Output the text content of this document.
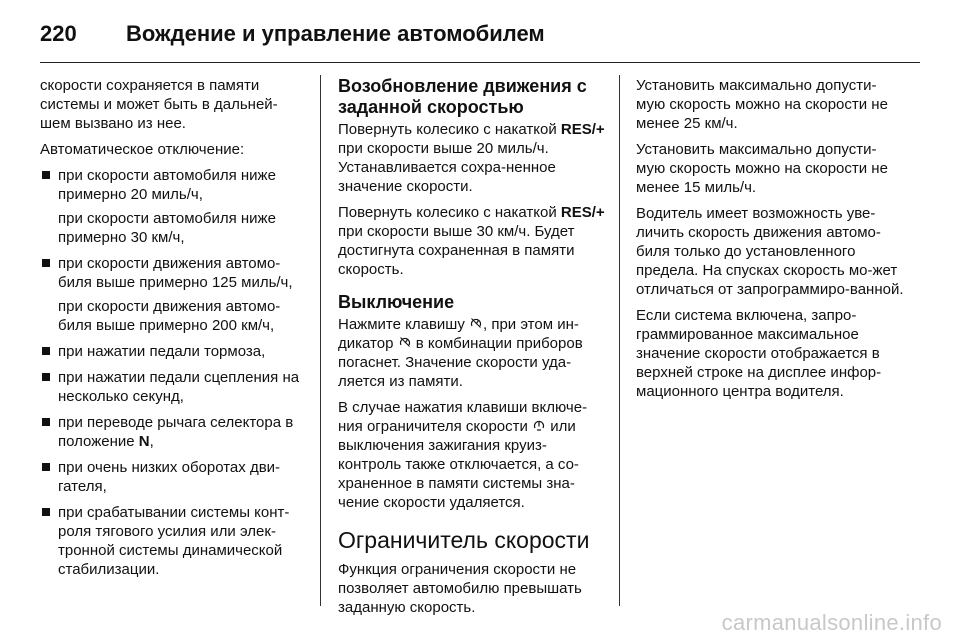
220	Вождение и управление автомобилем

скорости сохраняется в памяти системы и может быть в дальней-шем вызвано из нее.

Автоматическое отключение:

при скорости автомобиля ниже примерно 20 миль/ч,
при скорости автомобиля ниже примерно 30 км/ч,
при скорости движения автомо-биля выше примерно 125 миль/ч,
при скорости движения автомо-биля выше примерно 200 км/ч,
при нажатии педали тормоза,
при нажатии педали сцепления на несколько секунд,
при переводе рычага селектора в положение N,
при очень низких оборотах дви-гателя,
при срабатывании системы конт-роля тягового усилия или элек-тронной системы динамической стабилизации.
Возобновление движения с заданной скоростью

Повернуть колесико с накаткой RES/+ при скорости выше 20 миль/ч. Устанавливается сохра-ненное значение скорости.

Повернуть колесико с накаткой RES/+ при скорости выше 30 км/ч. Будет достигнута сохраненная в памяти скорость.

Выключение

Нажмите клавишу , при этом ин-дикатор  в комбинации приборов погаснет. Значение скорости уда-ляется из памяти.

В случае нажатия клавиши включе-ния ограничителя скорости  или выключения зажигания круиз-контроль также отключается, а со-храненное в памяти системы зна-чение скорости удаляется.

Ограничитель скорости

Функция ограничения скорости не позволяет автомобилю превышать заданную скорость.

Установить максимально допусти-мую скорость можно на скорости не менее 25 км/ч.

Установить максимально допусти-мую скорость можно на скорости не менее 15 миль/ч.

Водитель имеет возможность уве-личить скорость движения автомо-биля только до установленного предела. На спусках скорость мо-жет отличаться от запрограммиро-ванной.

Если система включена, запро-граммированное максимальное значение скорости отображается в верхней строке на дисплее инфор-мационного центра водителя.

carmanualsonline.info
